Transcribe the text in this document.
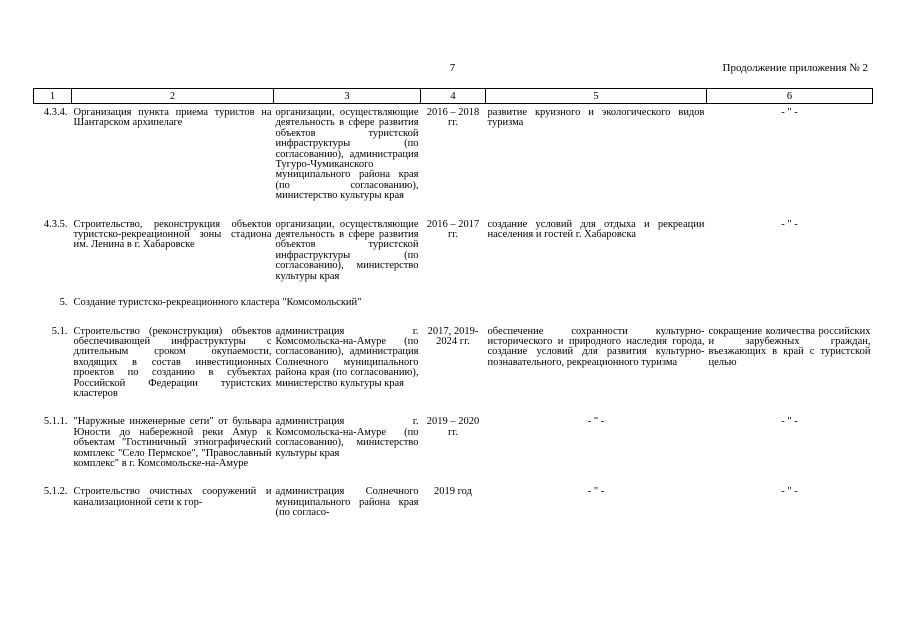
7	Продолжение приложения № 2
1	2	3	4	5	6
4.3.4.	Организация пункта приема туристов на Шантарском архипелаге	организации, осуществляющие деятельность в сфере развития объектов туристской инфраструктуры (по согласованию), администрация Тугуро-Чумиканского муниципального района края (по согласованию), министерство культуры края	2016 – 2018 гг.	развитие круизного и экологического видов туризма	- " -
4.3.5.	Строительство, реконструкция объектов туристско-рекреационной зоны стадиона им. Ленина в г. Хабаровске	организации, осуществляющие деятельность в сфере развития объектов туристской инфраструктуры (по согласованию), министерство культуры края	2016 – 2017 гг.	создание условий для отдыха и рекреации населения и гостей г. Хабаровска	- " -
5.	Создание туристско-рекреационного кластера "Комсомольский"				
5.1.	Строительство (реконструкция) объектов обеспечивающей инфраструктуры с длительным сроком окупаемости, входящих в состав инвестиционных проектов по созданию в субъектах Российской Федерации туристских кластеров	администрация г. Комсомольска-на-Амуре (по согласованию), администрация Солнечного муниципального района края (по согласованию), министерство культуры края	2017, 2019-2024 гг.	обеспечение сохранности культурно-исторического и природного наследия города, создание условий для развития культурно-познавательного, рекреационного туризма	сокращение количества российских и зарубежных граждан, въезжающих в край с туристской целью
5.1.1.	"Наружные инженерные сети" от бульвара Юности до набережной реки Амур к объектам "Гостиничный этнографический комплекс "Село Пермское", "Православный комплекс" в г. Комсомольске-на-Амуре	администрация г. Комсомольска-на-Амуре (по согласованию), министерство культуры края	2019 – 2020 гг.	- " -	- " -
5.1.2.	Строительство очистных сооружений и канализационной сети к гор-	администрация Солнечного муниципального района края (по согласо-	2019 год	- " -	- " -
